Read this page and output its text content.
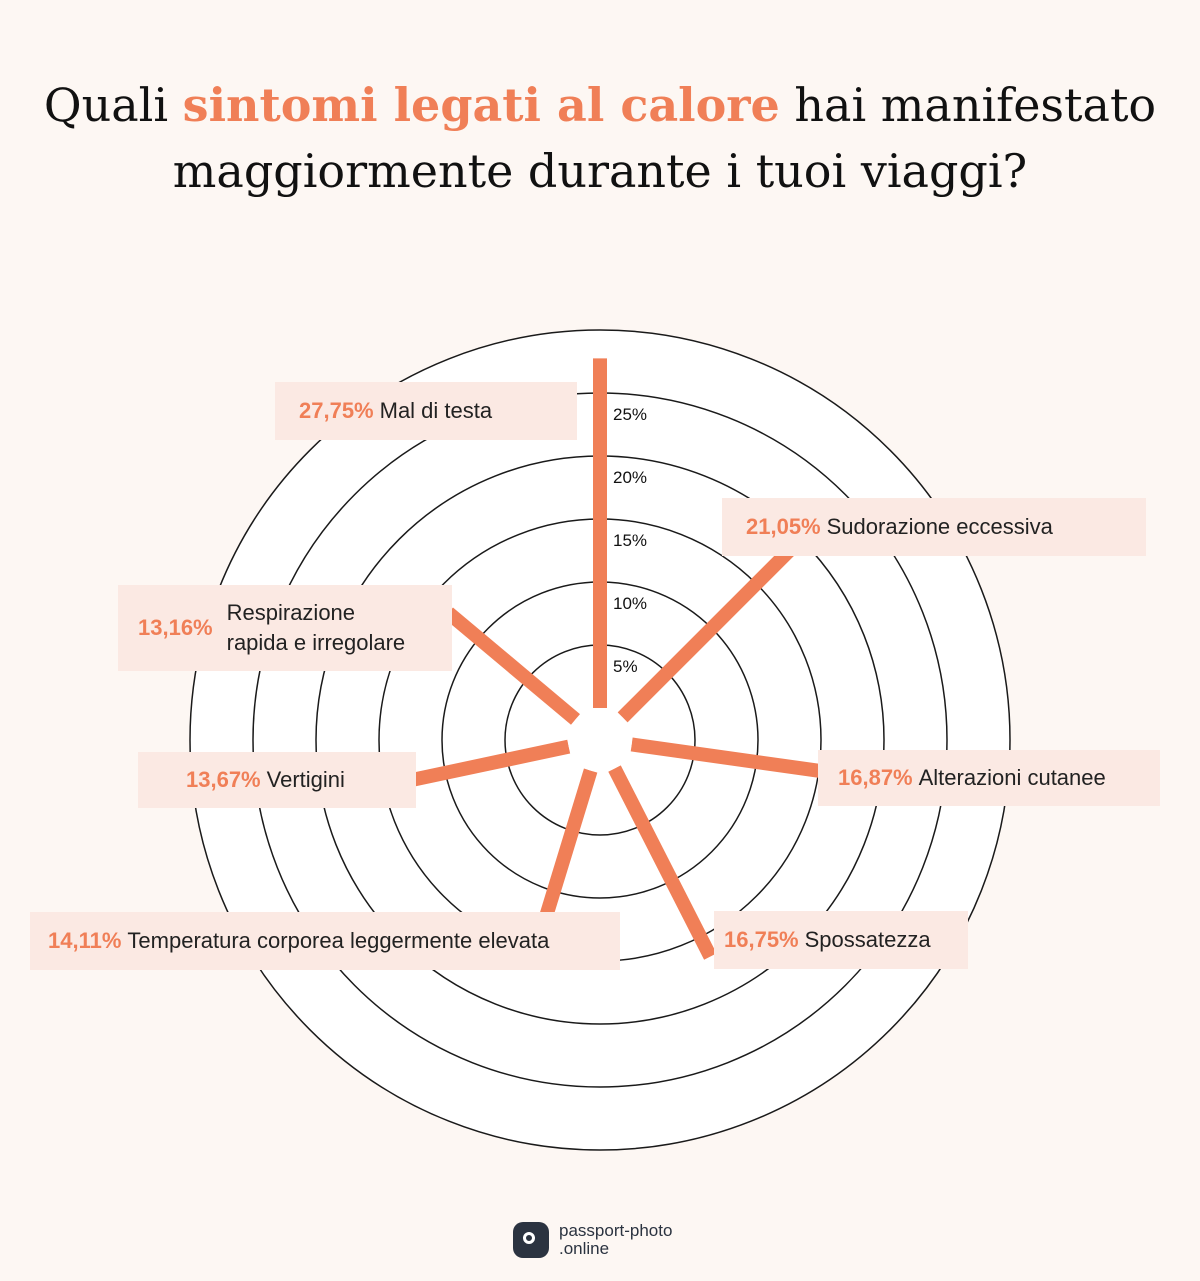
Quali sintomi legati al calore hai manifestato maggiormente durante i tuoi viaggi?
5%
10%
15%
20%
25%
27,75% Mal di testa
21,05% Sudorazione eccessiva
13,16%
Respirazione
rapida e irregolare
13,67% Vertigini	16,87% Alterazioni cutanee
14,11% Temperatura corporea leggermente elevata	16,75% Spossatezza
passport-photo
.online
